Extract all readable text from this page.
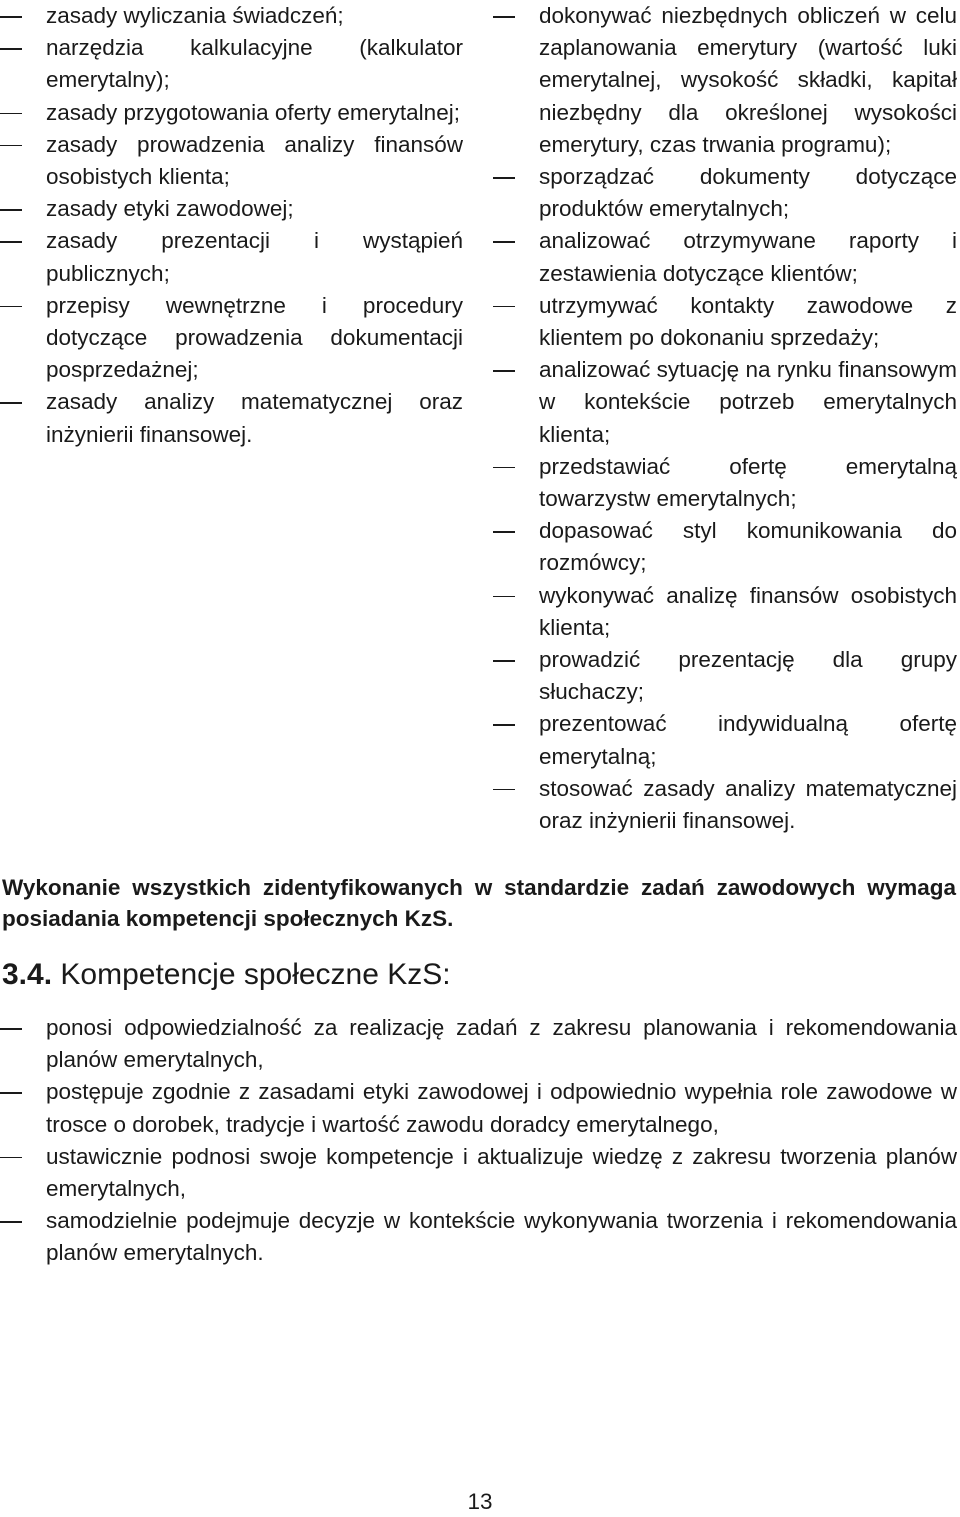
zasady wyliczania świadczeń;
narzędzia kalkulacyjne (kalkulator emerytalny);
zasady przygotowania oferty emerytalnej;
zasady prowadzenia analizy finansów osobistych klienta;
zasady etyki zawodowej;
zasady prezentacji i wystąpień publicznych;
przepisy wewnętrzne i procedury dotyczące prowadzenia dokumentacji posprzedażnej;
zasady analizy matematycznej oraz inżynierii finansowej.
dokonywać niezbędnych obliczeń w celu zaplanowania emerytury (wartość luki emerytalnej, wysokość składki, kapitał niezbędny dla określonej wysokości emerytury, czas trwania programu);
sporządzać dokumenty dotyczące produktów emerytalnych;
analizować otrzymywane raporty i zestawienia dotyczące klientów;
utrzymywać kontakty zawodowe z klientem po dokonaniu sprzedaży;
analizować sytuację na rynku finansowym w kontekście potrzeb emerytalnych klienta;
przedstawiać ofertę emerytalną towarzystw emerytalnych;
dopasować styl komunikowania do rozmówcy;
wykonywać analizę finansów osobistych klienta;
prowadzić prezentację dla grupy słuchaczy;
prezentować indywidualną ofertę emerytalną;
stosować zasady analizy matematycznej oraz inżynierii finansowej.

Wykonanie wszystkich zidentyfikowanych w standardzie zadań zawodowych wymaga posiadania kompetencji społecznych KzS.

3.4. Kompetencje społeczne KzS:
ponosi odpowiedzialność za realizację zadań z zakresu planowania i rekomendowania planów emerytalnych,
postępuje zgodnie z zasadami etyki zawodowej i odpowiednio wypełnia role zawodowe w trosce o dorobek, tradycje i wartość zawodu doradcy emerytalnego,
ustawicznie podnosi swoje kompetencje i aktualizuje wiedzę z zakresu tworzenia planów emerytalnych,
samodzielnie podejmuje decyzje w kontekście wykonywania tworzenia i rekomendowania planów emerytalnych.
13
